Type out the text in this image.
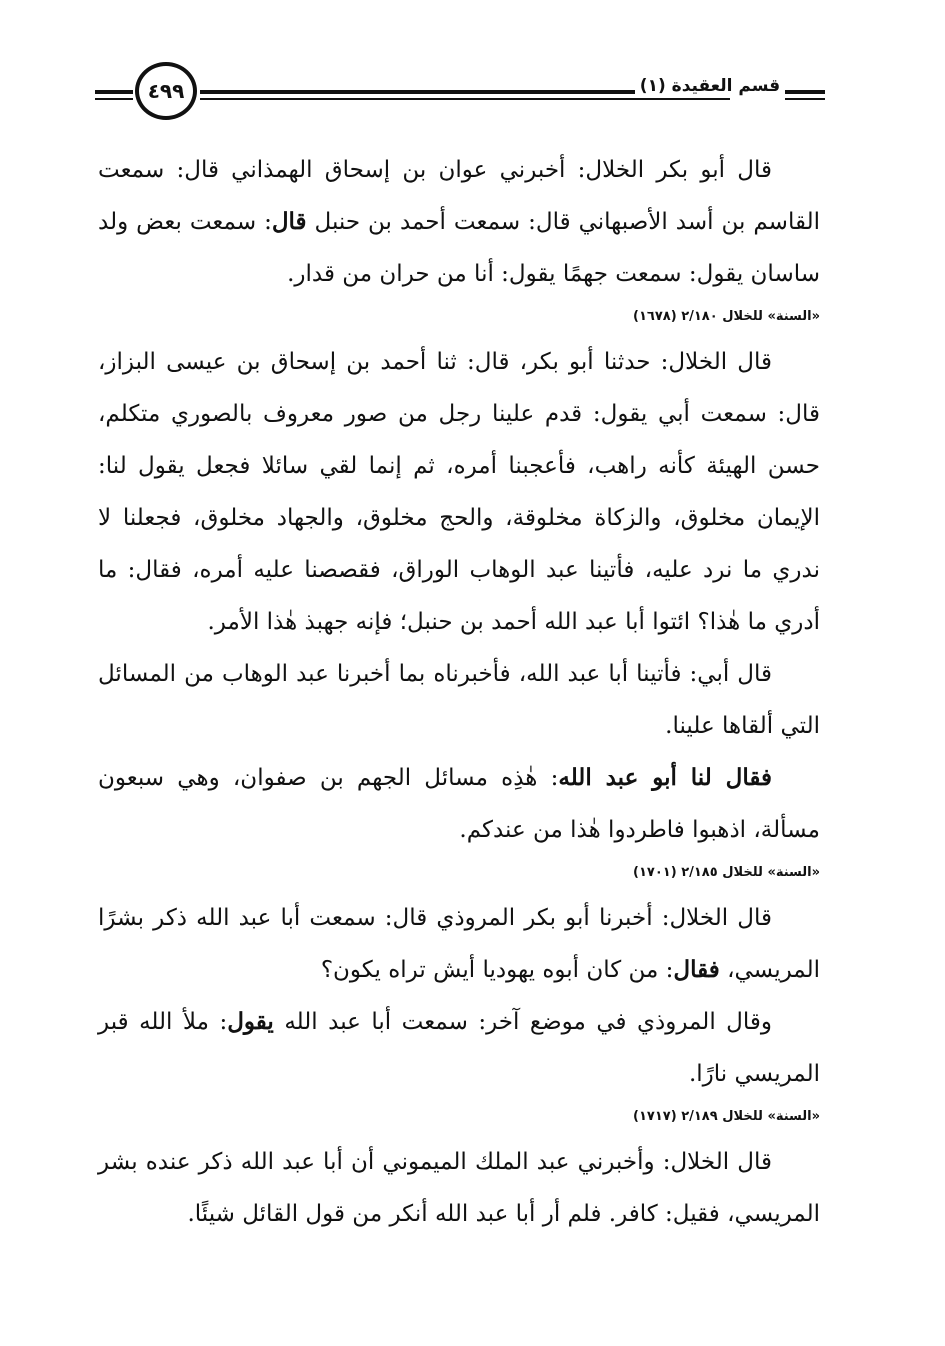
٤٩٩	قسم العقيدة (١)

قال أبو بكر الخلال: أخبرني عوان بن إسحاق الهمذاني قال: سمعت القاسم بن أسد الأصبهاني قال: سمعت أحمد بن حنبل قال: سمعت بعض ولد ساسان يقول: سمعت جهمًا يقول: أنا من حران من قدار.

«السنة» للخلال ٢/١٨٠ (١٦٧٨)

قال الخلال: حدثنا أبو بكر، قال: ثنا أحمد بن إسحاق بن عيسى البزاز، قال: سمعت أبي يقول: قدم علينا رجل من صور معروف بالصوري متكلم، حسن الهيئة كأنه راهب، فأعجبنا أمره، ثم إنما لقي سائلا فجعل يقول لنا: الإيمان مخلوق، والزكاة مخلوقة، والحج مخلوق، والجهاد مخلوق، فجعلنا لا ندري ما نرد عليه، فأتينا عبد الوهاب الوراق، فقصصنا عليه أمره، فقال: ما أدري ما هٰذا؟ ائتوا أبا عبد الله أحمد بن حنبل؛ فإنه جهبذ هٰذا الأمر.

قال أبي: فأتينا أبا عبد الله، فأخبرناه بما أخبرنا عبد الوهاب من المسائل التي ألقاها علينا.

فقال لنا أبو عبد الله: هٰذِه مسائل الجهم بن صفوان، وهي سبعون مسألة، اذهبوا فاطردوا هٰذا من عندكم.

«السنة» للخلال ٢/١٨٥ (١٧٠١)

قال الخلال: أخبرنا أبو بكر المروذي قال: سمعت أبا عبد الله ذكر بشرًا المريسي، فقال: من كان أبوه يهوديا أيش تراه يكون؟

وقال المروذي في موضع آخر: سمعت أبا عبد الله يقول: ملأ الله قبر المريسي نارًا.

«السنة» للخلال ٢/١٨٩ (١٧١٧)

قال الخلال: وأخبرني عبد الملك الميموني أن أبا عبد الله ذكر عنده بشر المريسي، فقيل: كافر. فلم أر أبا عبد الله أنكر من قول القائل شيئًا.
